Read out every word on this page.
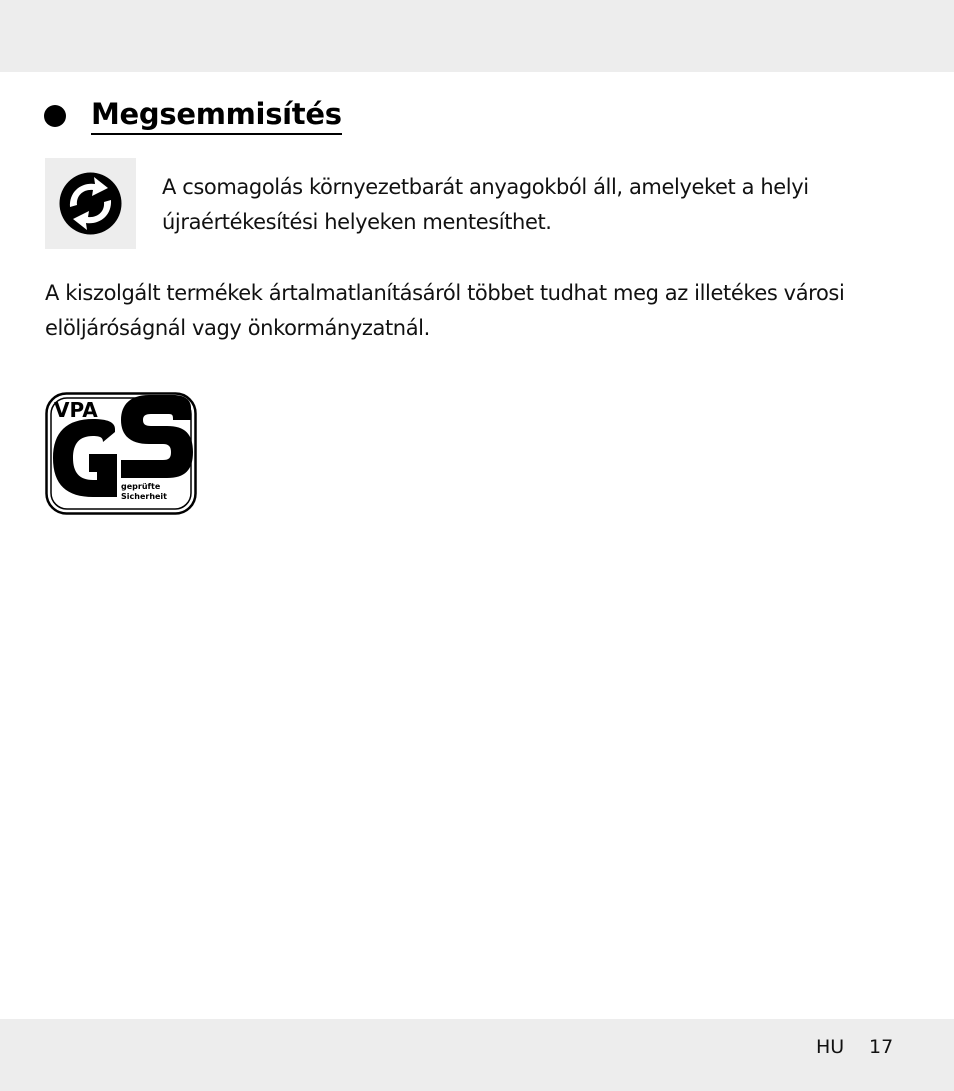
Megsemmisítés

A csomagolás környezetbarát anyagokból áll, amelyeket a helyi újraértékesítési helyeken mentesíthet.

A kiszolgált termékek ártalmatlanításáról többet tudhat meg az illetékes városi elöljáróságnál vagy önkormányzatnál.

VPA
geprüfte
Sicherheit
HU 17
